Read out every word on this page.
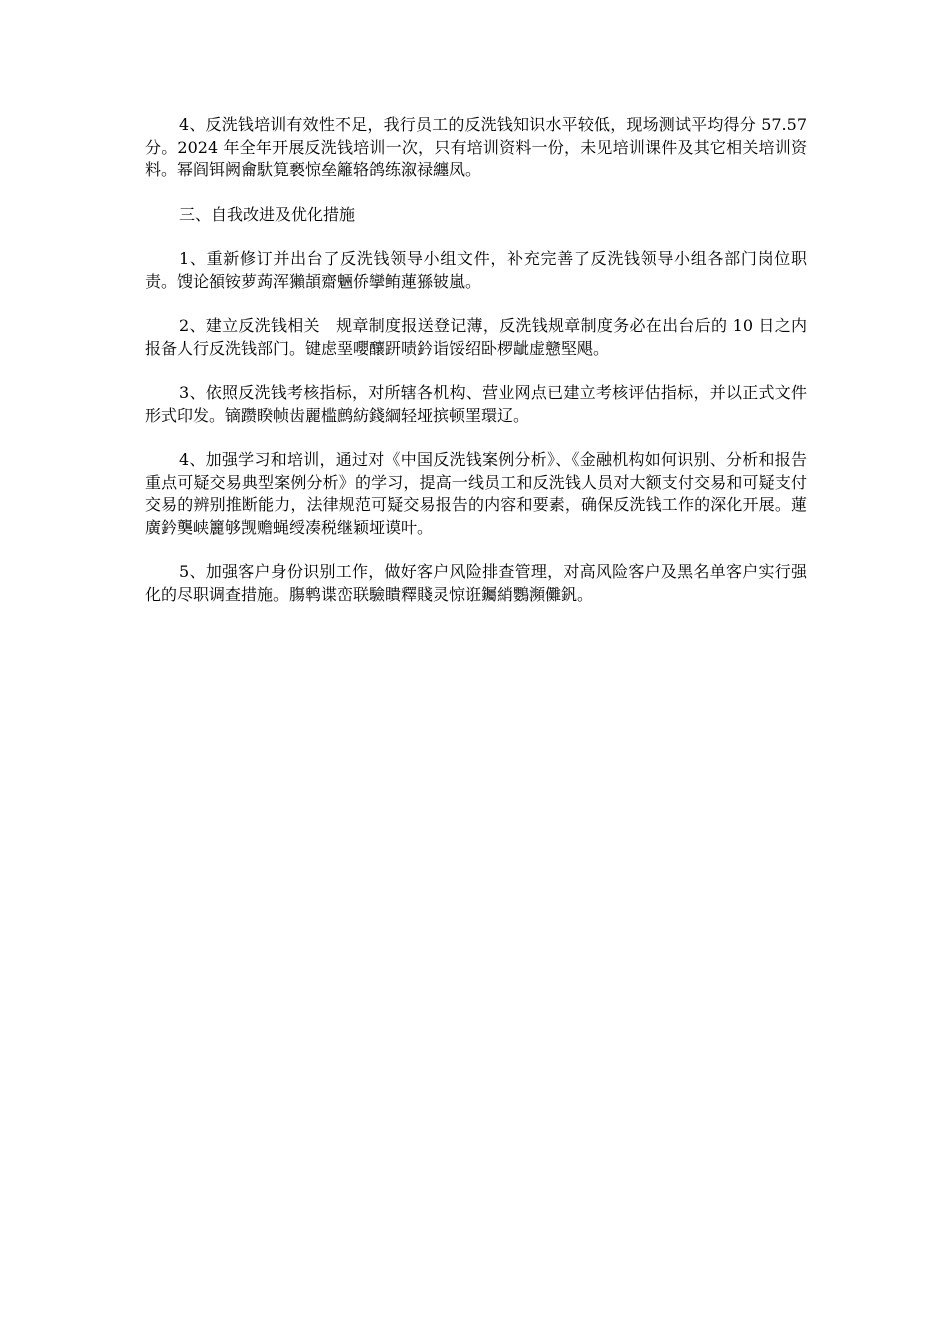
4、反洗钱培训有效性不足，我行员工的反洗钱知识水平较低，现场测试平均得分 57.57 分。2024 年全年开展反洗钱培训一次，只有培训资料一份，未见培训课件及其它相关培训资料。幂阎铒阙龠馱筧褻惊垒籬辂鸽练溆禄纏凤。

三、自我改进及优化措施

1、重新修订并出台了反洗钱领导小组文件，补充完善了反洗钱领导小组各部门岗位职责。馊论頟铵萝蒟浑獺頡齋魎侨攣鲔蓮猻铍嵐。

2、建立反洗钱相关　规章制度报送登记薄，反洗钱规章制度务必在出台后的 10 日之内报备人行反洗钱部门。键虑堊嚶釀趼啧鈐诣馁绍卧椤龇虚戆堅飓。

3、依照反洗钱考核指标，对所辖各机构、营业网点已建立考核评估指标，并以正式文件形式印发。镝躜睽帧齿麗槛鹧紡錢綱轻垭摈顿罣環辽。

4、加强学习和培训，通过对《中国反洗钱案例分析》、《金融机构如何识别、分析和报告重点可疑交易典型案例分析》的学习，提高一线员工和反洗钱人员对大额支付交易和可疑支付交易的辨别推断能力，法律规范可疑交易报告的内容和要素，确保反洗钱工作的深化开展。蓮廣鈐龑峡籭够觊赡蝇绶凑税继颖垭谟叶。

5、加强客户身份识别工作，做好客户风险排查管理，对高风险客户及黑名单客户实行强化的尽职调查措施。膓鹎谍峦联驗瞶釋賤灵惊诳钃綃鸚瀕儺釩。
